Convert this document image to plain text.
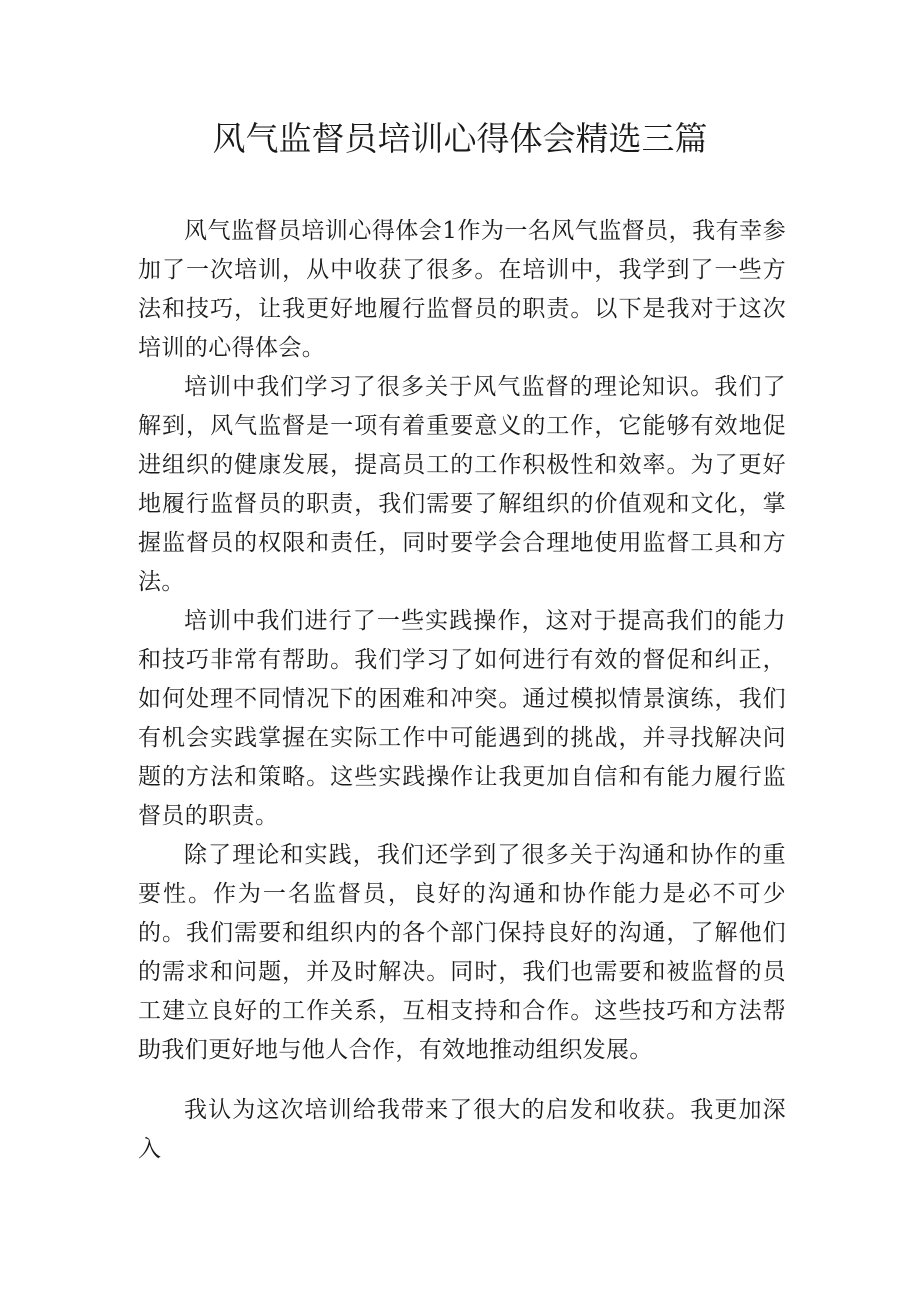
风气监督员培训心得体会精选三篇

风气监督员培训心得体会1作为一名风气监督员，我有幸参加了一次培训，从中收获了很多。在培训中，我学到了一些方法和技巧，让我更好地履行监督员的职责。以下是我对于这次培训的心得体会。

培训中我们学习了很多关于风气监督的理论知识。我们了解到，风气监督是一项有着重要意义的工作，它能够有效地促进组织的健康发展，提高员工的工作积极性和效率。为了更好地履行监督员的职责，我们需要了解组织的价值观和文化，掌握监督员的权限和责任，同时要学会合理地使用监督工具和方法。

培训中我们进行了一些实践操作，这对于提高我们的能力和技巧非常有帮助。我们学习了如何进行有效的督促和纠正，如何处理不同情况下的困难和冲突。通过模拟情景演练，我们有机会实践掌握在实际工作中可能遇到的挑战，并寻找解决问题的方法和策略。这些实践操作让我更加自信和有能力履行监督员的职责。

除了理论和实践，我们还学到了很多关于沟通和协作的重要性。作为一名监督员，良好的沟通和协作能力是必不可少的。我们需要和组织内的各个部门保持良好的沟通，了解他们的需求和问题，并及时解决。同时，我们也需要和被监督的员工建立良好的工作关系，互相支持和合作。这些技巧和方法帮助我们更好地与他人合作，有效地推动组织发展。

我认为这次培训给我带来了很大的启发和收获。我更加深入
